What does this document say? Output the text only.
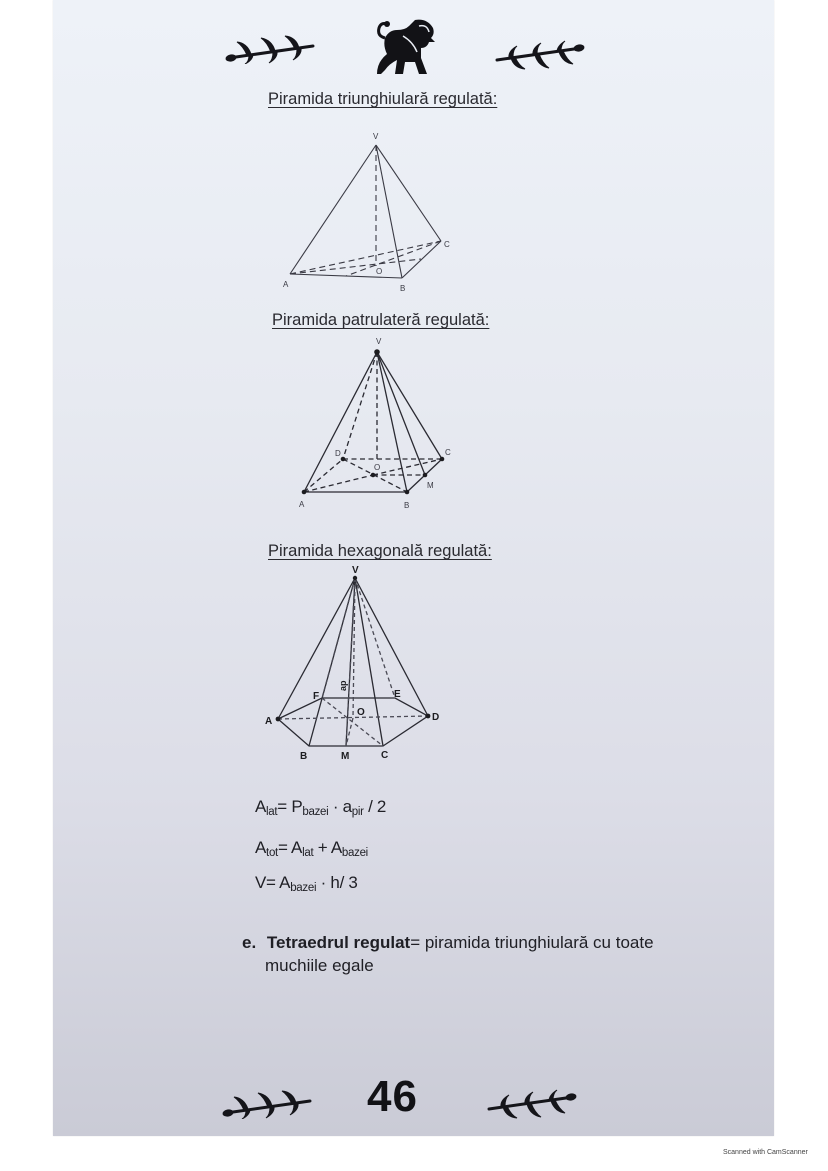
Piramida triunghiulară regulată:
V
A	B
C
O
Piramida patrulateră regulată:
V
A	B
C
D
O
M
Piramida hexagonală regulată:
V
A
B	C
D
E
F
O
M
ap
$A_{lat}= P_{bazei} \cdot a_{pir} / 2$
$A_{tot}= A_{lat} + A_{bazei}$
$V= A_{bazei} \cdot h/$ 3
e. Tetraedrul regulat= piramida triunghiulară cu toate
muchiile egale
46
Scanned with CamScanner
